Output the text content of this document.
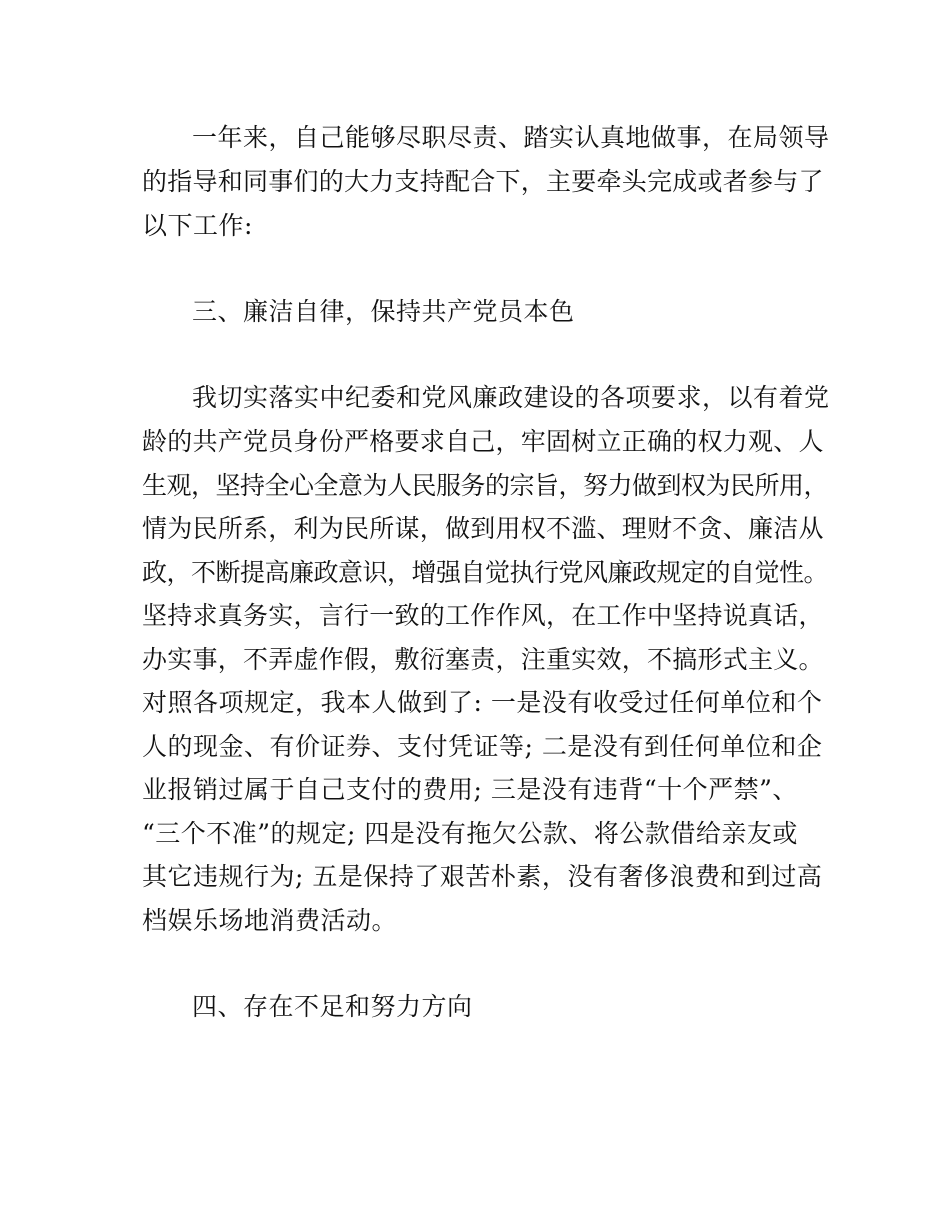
一年来，自己能够尽职尽责、踏实认真地做事，在局领导
的指导和同事们的大力支持配合下，主要牵头完成或者参与了
以下工作:
三、廉洁自律，保持共产党员本色
我切实落实中纪委和党风廉政建设的各项要求，以有着党
龄的共产党员身份严格要求自己，牢固树立正确的权力观、人
生观，坚持全心全意为人民服务的宗旨，努力做到权为民所用，
情为民所系，利为民所谋，做到用权不滥、理财不贪、廉洁从
政，不断提高廉政意识，增强自觉执行党风廉政规定的自觉性。
坚持求真务实，言行一致的工作作风，在工作中坚持说真话，
办实事，不弄虚作假，敷衍塞责，注重实效，不搞形式主义。
对照各项规定，我本人做到了: 一是没有收受过任何单位和个
人的现金、有价证券、支付凭证等; 二是没有到任何单位和企
业报销过属于自己支付的费用; 三是没有违背“十个严禁”、
“三个不准”的规定; 四是没有拖欠公款、将公款借给亲友或
其它违规行为; 五是保持了艰苦朴素，没有奢侈浪费和到过高
档娱乐场地消费活动。
四、存在不足和努力方向
